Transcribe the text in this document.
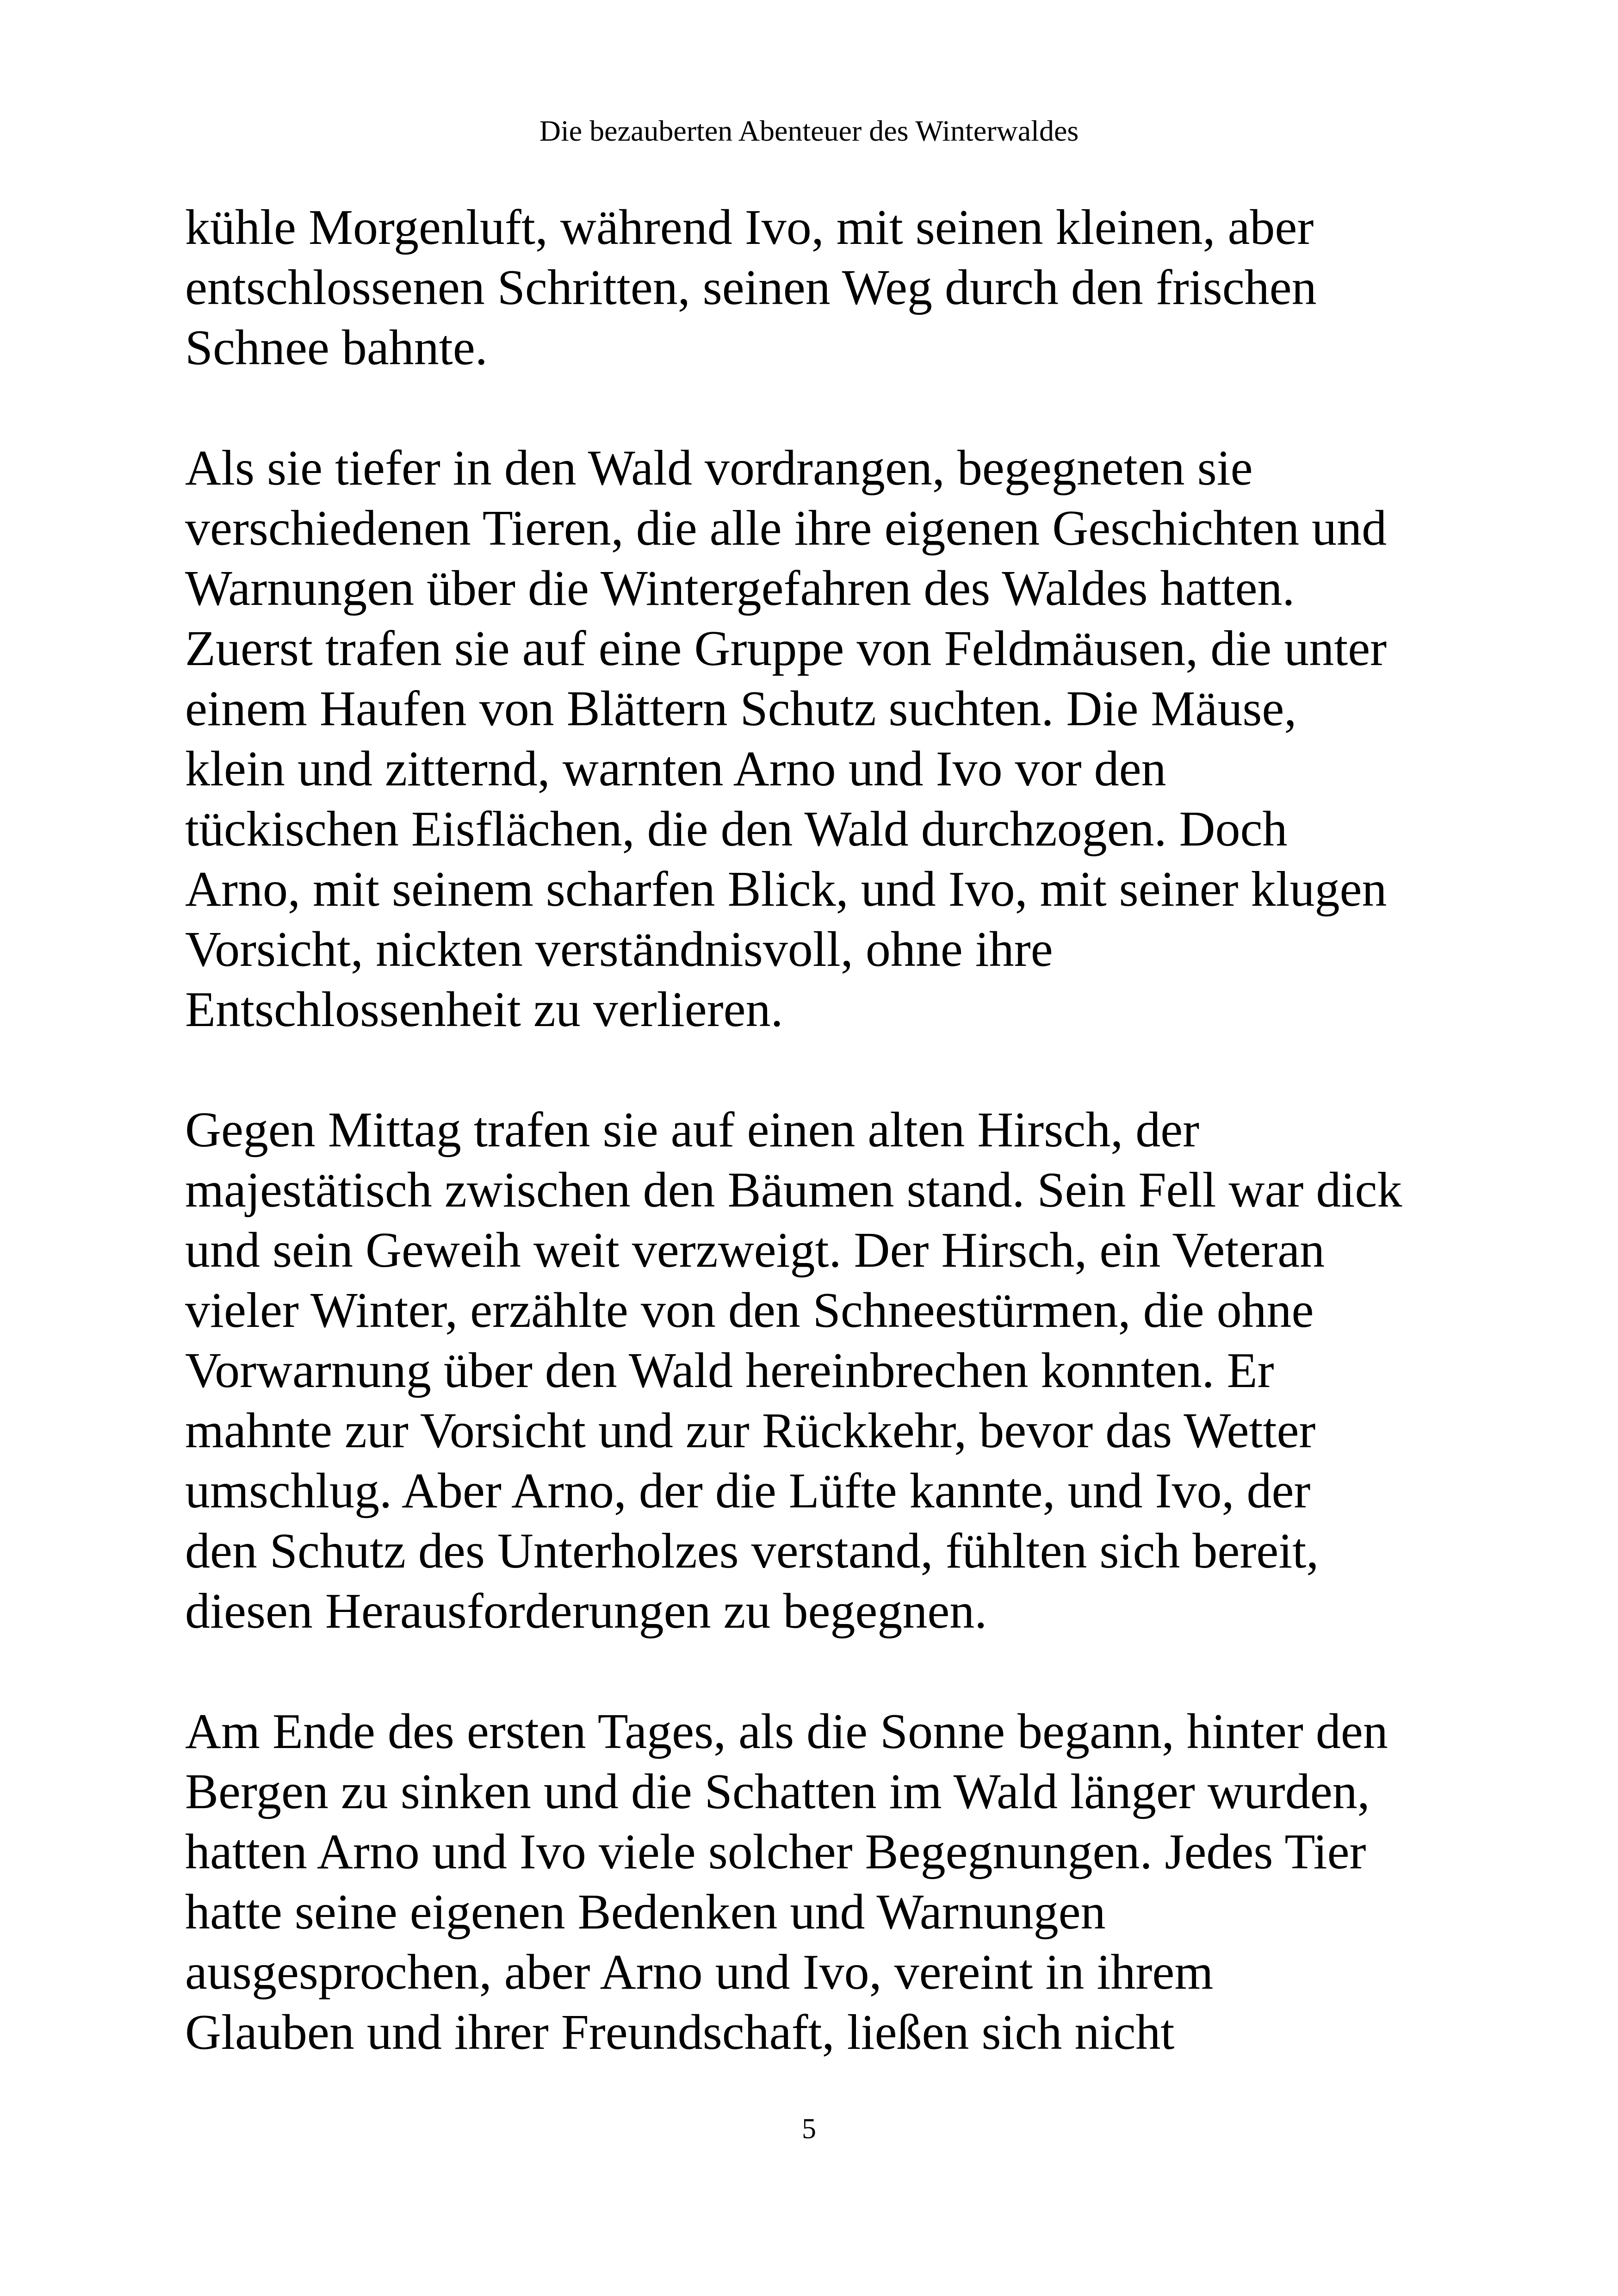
Die bezauberten Abenteuer des Winterwaldes

kühle Morgenluft, während Ivo, mit seinen kleinen, aber
entschlossenen Schritten, seinen Weg durch den frischen
Schnee bahnte.

Als sie tiefer in den Wald vordrangen, begegneten sie
verschiedenen Tieren, die alle ihre eigenen Geschichten und
Warnungen über die Wintergefahren des Waldes hatten.
Zuerst trafen sie auf eine Gruppe von Feldmäusen, die unter
einem Haufen von Blättern Schutz suchten. Die Mäuse,
klein und zitternd, warnten Arno und Ivo vor den
tückischen Eisflächen, die den Wald durchzogen. Doch
Arno, mit seinem scharfen Blick, und Ivo, mit seiner klugen
Vorsicht, nickten verständnisvoll, ohne ihre
Entschlossenheit zu verlieren.

Gegen Mittag trafen sie auf einen alten Hirsch, der
majestätisch zwischen den Bäumen stand. Sein Fell war dick
und sein Geweih weit verzweigt. Der Hirsch, ein Veteran
vieler Winter, erzählte von den Schneestürmen, die ohne
Vorwarnung über den Wald hereinbrechen konnten. Er
mahnte zur Vorsicht und zur Rückkehr, bevor das Wetter
umschlug. Aber Arno, der die Lüfte kannte, und Ivo, der
den Schutz des Unterholzes verstand, fühlten sich bereit,
diesen Herausforderungen zu begegnen.

Am Ende des ersten Tages, als die Sonne begann, hinter den
Bergen zu sinken und die Schatten im Wald länger wurden,
hatten Arno und Ivo viele solcher Begegnungen. Jedes Tier
hatte seine eigenen Bedenken und Warnungen
ausgesprochen, aber Arno und Ivo, vereint in ihrem
Glauben und ihrer Freundschaft, ließen sich nicht

5
